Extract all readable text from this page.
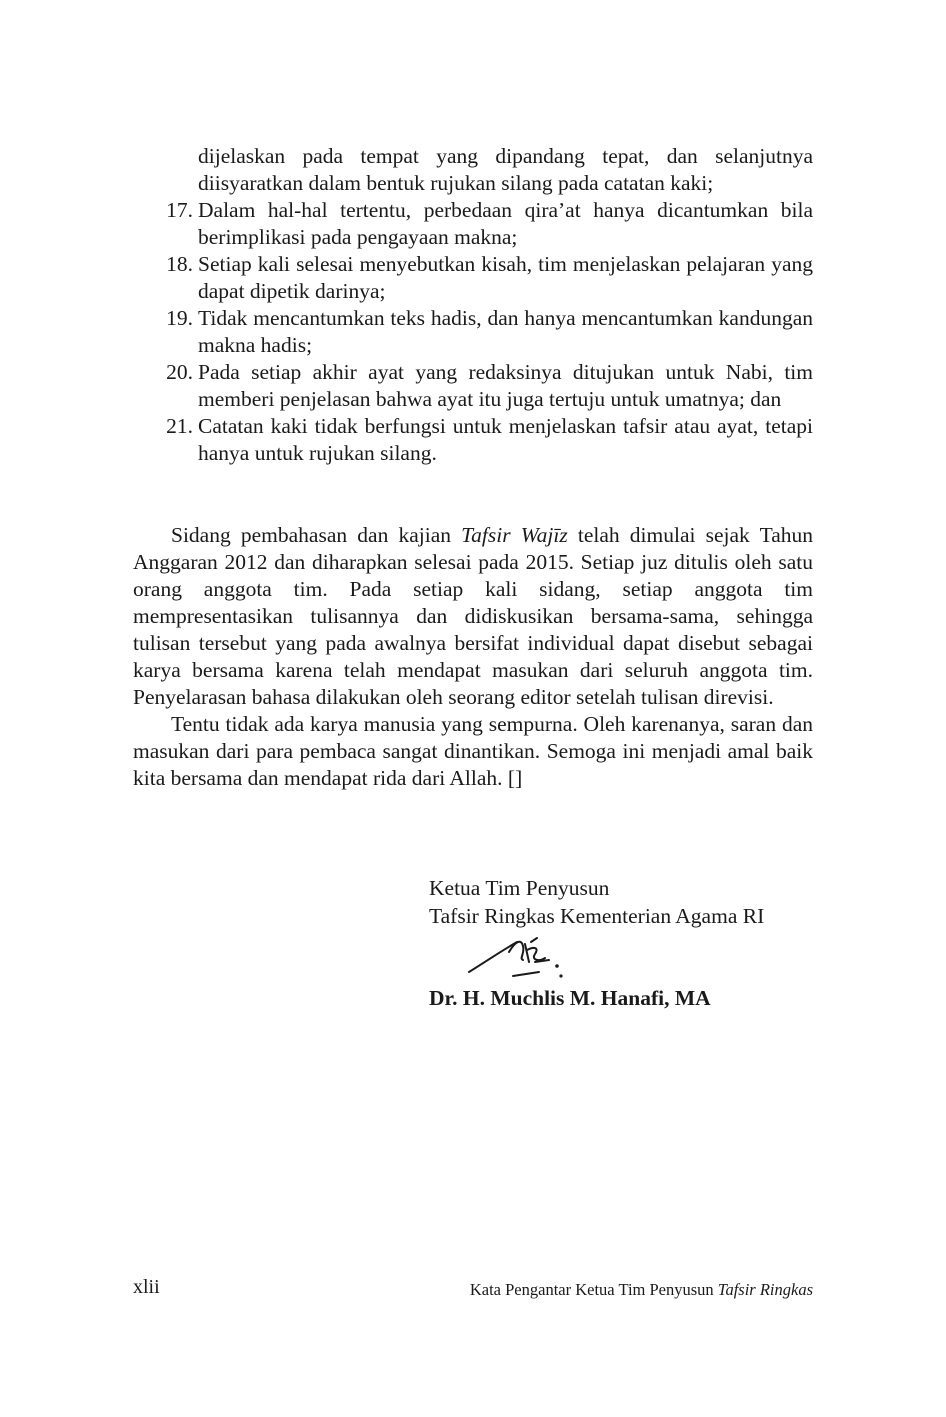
dijelaskan pada tempat yang dipandang tepat, dan selanjutnya diisyaratkan dalam bentuk rujukan silang pada catatan kaki;
17. Dalam hal-hal tertentu, perbedaan qira’at hanya dicantumkan bila berimplikasi pada pengayaan makna;
18. Setiap kali selesai menyebutkan kisah, tim menjelaskan pelajaran yang dapat dipetik darinya;
19. Tidak mencantumkan teks hadis, dan hanya mencantumkan kandungan makna hadis;
20. Pada setiap akhir ayat yang redaksinya ditujukan untuk Nabi, tim memberi penjelasan bahwa ayat itu juga tertuju untuk umatnya; dan
21. Catatan kaki tidak berfungsi untuk menjelaskan tafsir atau ayat, tetapi hanya untuk rujukan silang.

Sidang pembahasan dan kajian Tafsir Wajīz telah dimulai sejak Tahun Anggaran 2012 dan diharapkan selesai pada 2015. Setiap juz ditulis oleh satu orang anggota tim. Pada setiap kali sidang, setiap anggota tim mempresentasikan tulisannya dan didiskusikan bersama-sama, sehingga tulisan tersebut yang pada awalnya bersifat individual dapat disebut sebagai karya bersama karena telah mendapat masukan dari seluruh anggota tim. Penyelarasan bahasa dilakukan oleh seorang editor setelah tulisan direvisi.

Tentu tidak ada karya manusia yang sempurna. Oleh karenanya, saran dan masukan dari para pembaca sangat dinantikan. Semoga ini menjadi amal baik kita bersama dan mendapat rida dari Allah. []

Ketua Tim Penyusun
Tafsir Ringkas Kementerian Agama RI
Dr. H. Muchlis M. Hanafi, MA
xlii	Kata Pengantar Ketua Tim Penyusun Tafsir Ringkas
